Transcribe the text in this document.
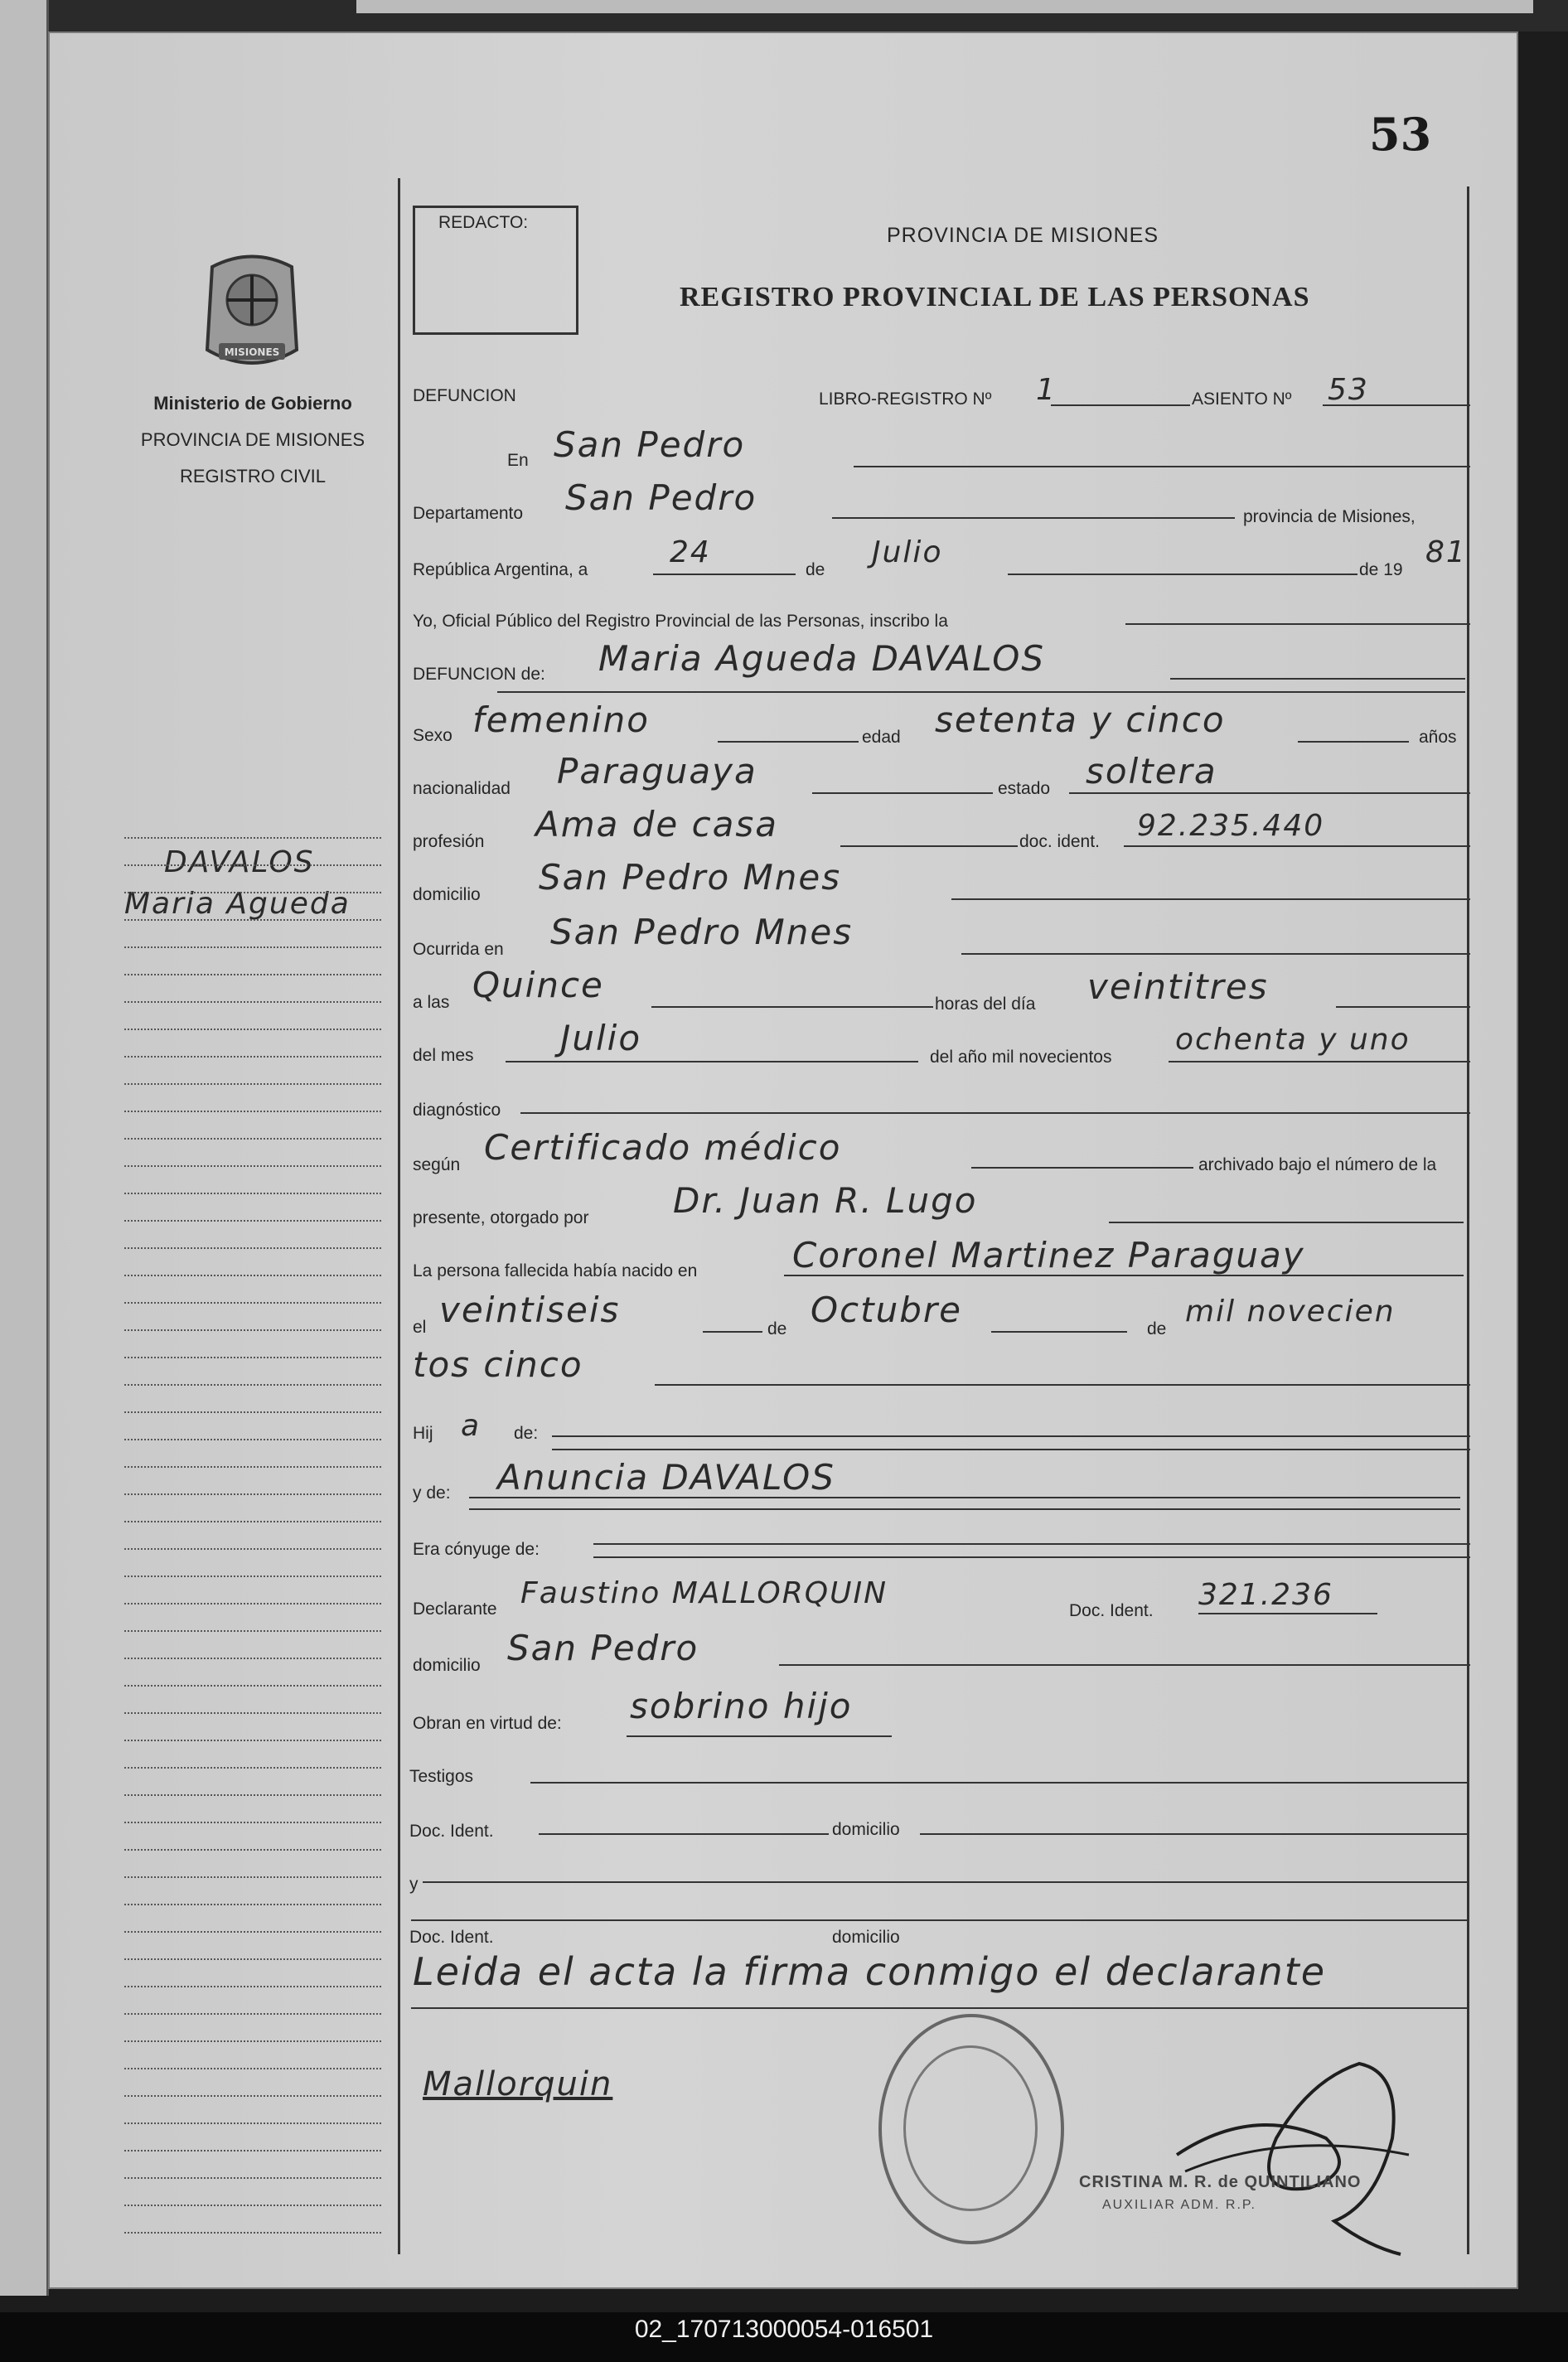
53
REDACTO:
PROVINCIA DE MISIONES
REGISTRO PROVINCIAL DE LAS PERSONAS
MISIONES
Ministerio de Gobierno
PROVINCIA DE MISIONES
REGISTRO CIVIL
DAVALOS
Maria Agueda
DEFUNCION	LIBRO-REGISTRO Nº 1	ASIENTO Nº 53
En San Pedro
Departamento San Pedro	provincia de Misiones,
República Argentina, a
24
de
Julio
de 19
81
Yo, Oficial Público del Registro Provincial de las Personas, inscribo la
DEFUNCION de: Maria Agueda DAVALOS
Sexo femenino	edad setenta y cinco	años
nacionalidad Paraguaya	estado soltera
profesión Ama de casa	doc. ident. 92.235.440
domicilio San Pedro Mnes
Ocurrida en San Pedro Mnes
a las Quince	horas del día veintitres
del mes Julio	del año mil novecientos
ochenta y uno
diagnóstico
según Certificado médico	archivado bajo el número de la
presente, otorgado por Dr. Juan R. Lugo
La persona fallecida había nacido en	Coronel Martinez Paraguay
el veintiseis	de Octubre	de
mil novecien
tos cinco
Hij a de:
y de: Anuncia DAVALOS
Era cónyuge de:
Declarante Faustino MALLORQUIN
Doc. Ident. 321.236
domicilio San Pedro
Obran en virtud de: sobrino hijo
Testigos
Doc. Ident.	domicilio
y
Doc. Ident.	domicilio
Leida el acta la firma conmigo el declarante
Mallorquin
CRISTINA M. R. de QUINTILIANO
AUXILIAR ADM. R.P.
02_170713000054-016501
